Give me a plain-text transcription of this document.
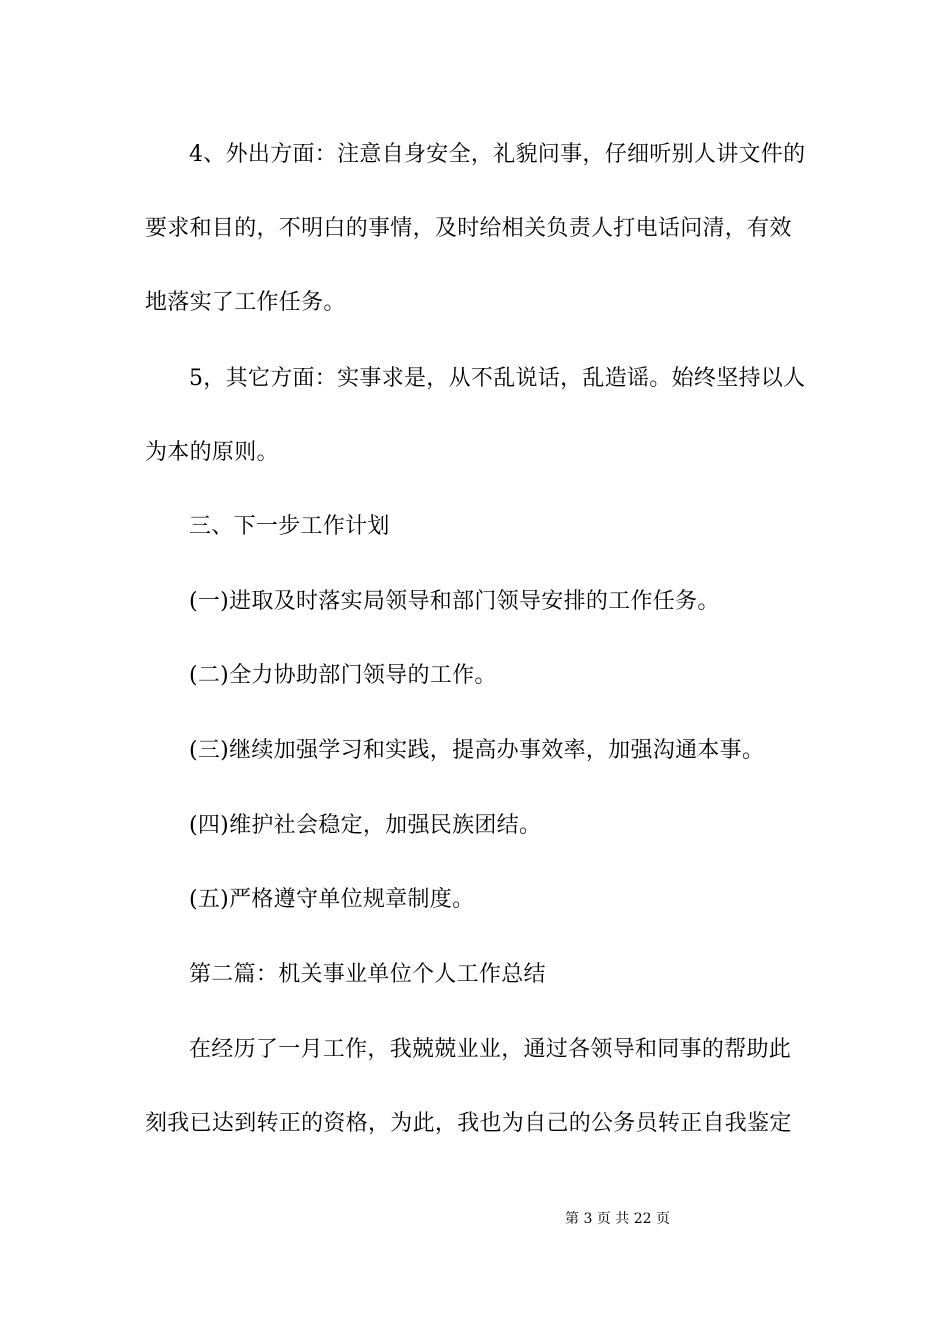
4、外出方面：注意自身安全，礼貌问事，仔细听别人讲文件的
要求和目的，不明白的事情，及时给相关负责人打电话问清，有效
地落实了工作任务。
5，其它方面：实事求是，从不乱说话，乱造谣。始终坚持以人
为本的原则。
三、下一步工作计划
(一)进取及时落实局领导和部门领导安排的工作任务。
(二)全力协助部门领导的工作。
(三)继续加强学习和实践，提高办事效率，加强沟通本事。
(四)维护社会稳定，加强民族团结。
(五)严格遵守单位规章制度。
第二篇：机关事业单位个人工作总结
在经历了一月工作，我兢兢业业，通过各领导和同事的帮助此
刻我已达到转正的资格，为此，我也为自己的公务员转正自我鉴定
第 3 页 共 22 页
